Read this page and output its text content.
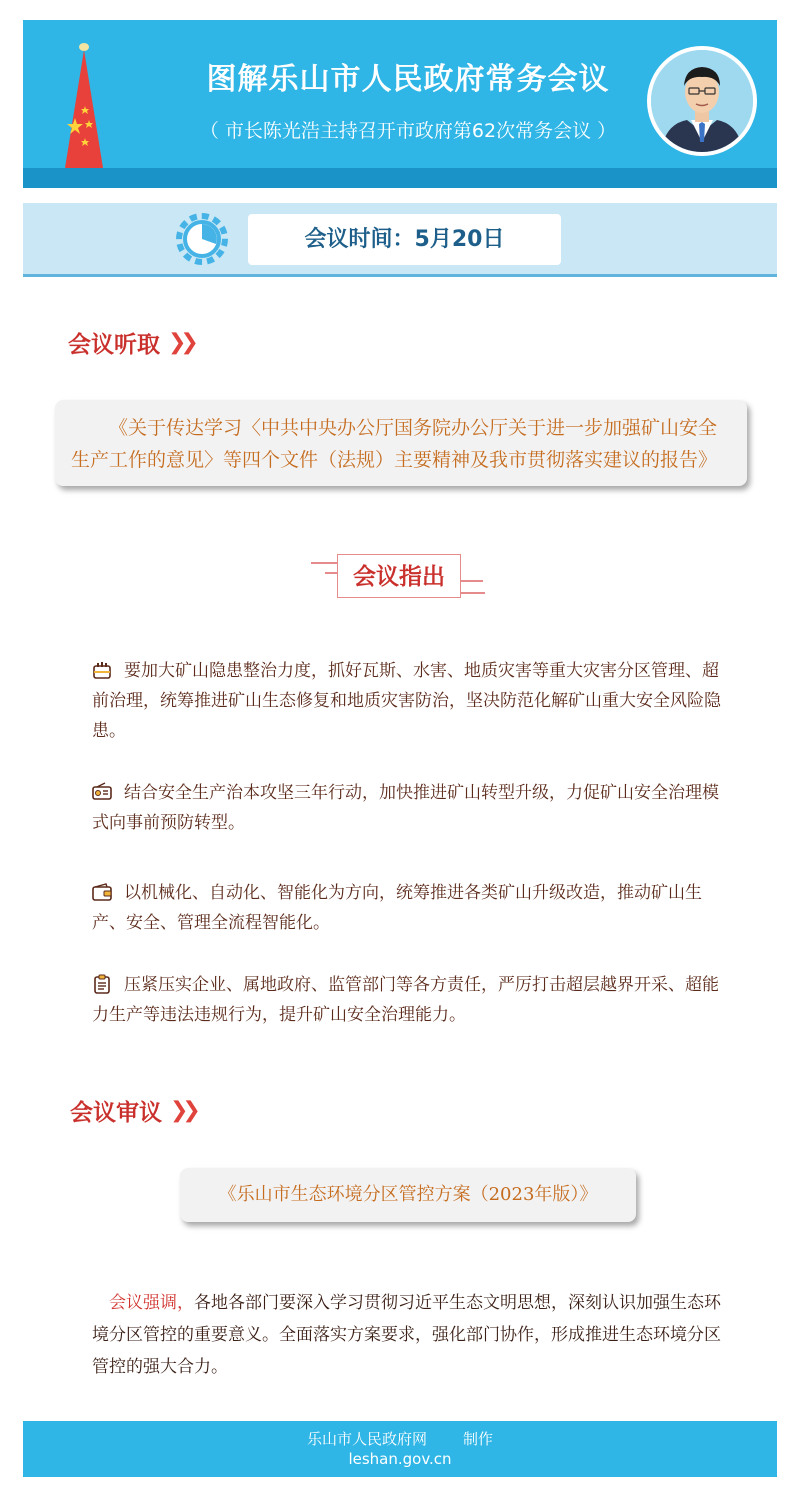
图解乐山市人民政府常务会议
（ 市长陈光浩主持召开市政府第62次常务会议 ）
会议时间：5月20日
会议听取 ❯❯
《关于传达学习〈中共中央办公厅国务院办公厅关于进一步加强矿山安全生产工作的意见〉等四个文件（法规）主要精神及我市贯彻落实建议的报告》
会议指出
要加大矿山隐患整治力度，抓好瓦斯、水害、地质灾害等重大灾害分区管理、超前治理，统筹推进矿山生态修复和地质灾害防治，坚决防范化解矿山重大安全风险隐患。
结合安全生产治本攻坚三年行动，加快推进矿山转型升级，力促矿山安全治理模式向事前预防转型。
以机械化、自动化、智能化为方向，统筹推进各类矿山升级改造，推动矿山生产、安全、管理全流程智能化。
压紧压实企业、属地政府、监管部门等各方责任，严厉打击超层越界开采、超能力生产等违法违规行为，提升矿山安全治理能力。
会议审议 ❯❯
《乐山市生态环境分区管控方案（2023年版）》
会议强调，各地各部门要深入学习贯彻习近平生态文明思想，深刻认识加强生态环境分区管控的重要意义。全面落实方案要求，强化部门协作，形成推进生态环境分区管控的强大合力。
乐山市人民政府网 制作
leshan.gov.cn
